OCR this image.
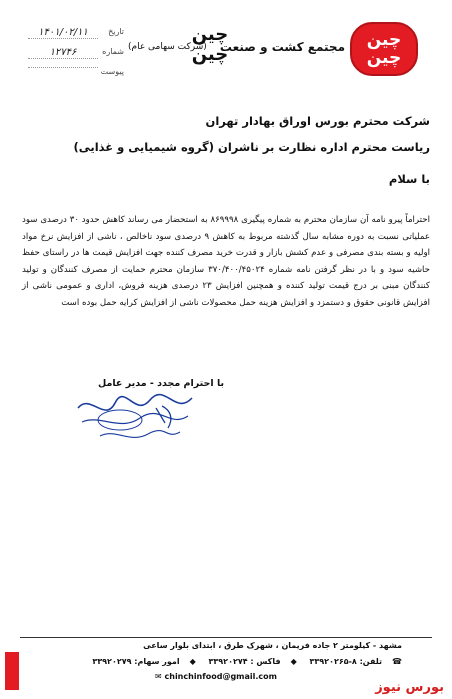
چین
چین
مجتمع کشت و صنعت
چین
چین
(شرکت سهامی عام)
تاریخ
۱۴۰۱/۰۲/۱۱
شماره
۱۲۷۴۶
پیوست
شرکت محترم بورس اوراق بهادار تهران
ریاست محترم اداره نظارت بر ناشران (گروه شیمیایی و غذایی)
با سلام
احتراماً پیرو نامه آن سازمان محترم به شماره پیگیری ۸۶۹۹۹۸ به استحضار می رساند کاهش حدود ۳۰ درصدی سود عملیاتی نسبت به دوره مشابه سال گذشته مربوط به کاهش ۹ درصدی سود ناخالص ، ناشی از افزایش نرخ مواد اولیه و بسته بندی مصرفی و عدم کشش بازار و قدرت خرید مصرف کننده جهت افزایش قیمت ها در راستای حفظ حاشیه سود و با در نظر گرفتن نامه شماره ۳۷۰/۴۰۰/۴۵۰۲۴ سازمان محترم حمایت از مصرف کنندگان و تولید کنندگان مبنی بر درج قیمت تولید کننده و همچنین افزایش ۲۳ درصدی هزینه فروش، اداری و عمومی ناشی از افزایش قانونی حقوق و دستمزد و افزایش هزینه حمل محصولات ناشی از افزایش کرایه حمل بوده است
با احترام مجدد - مدیر عامل
مشهد - کیلومتر ۲ جاده فریمان ، شهرک طرق ، ابتدای بلوار ساعی
☎تلفن: ۸-۳۳۹۲۰۲۶۵ ◆فاکس : ۳۳۹۲۰۲۷۴ ◆امور سهام: ۳۳۹۲۰۲۷۹
✉ chinchinfood@gmail.com
بورس نیوز
